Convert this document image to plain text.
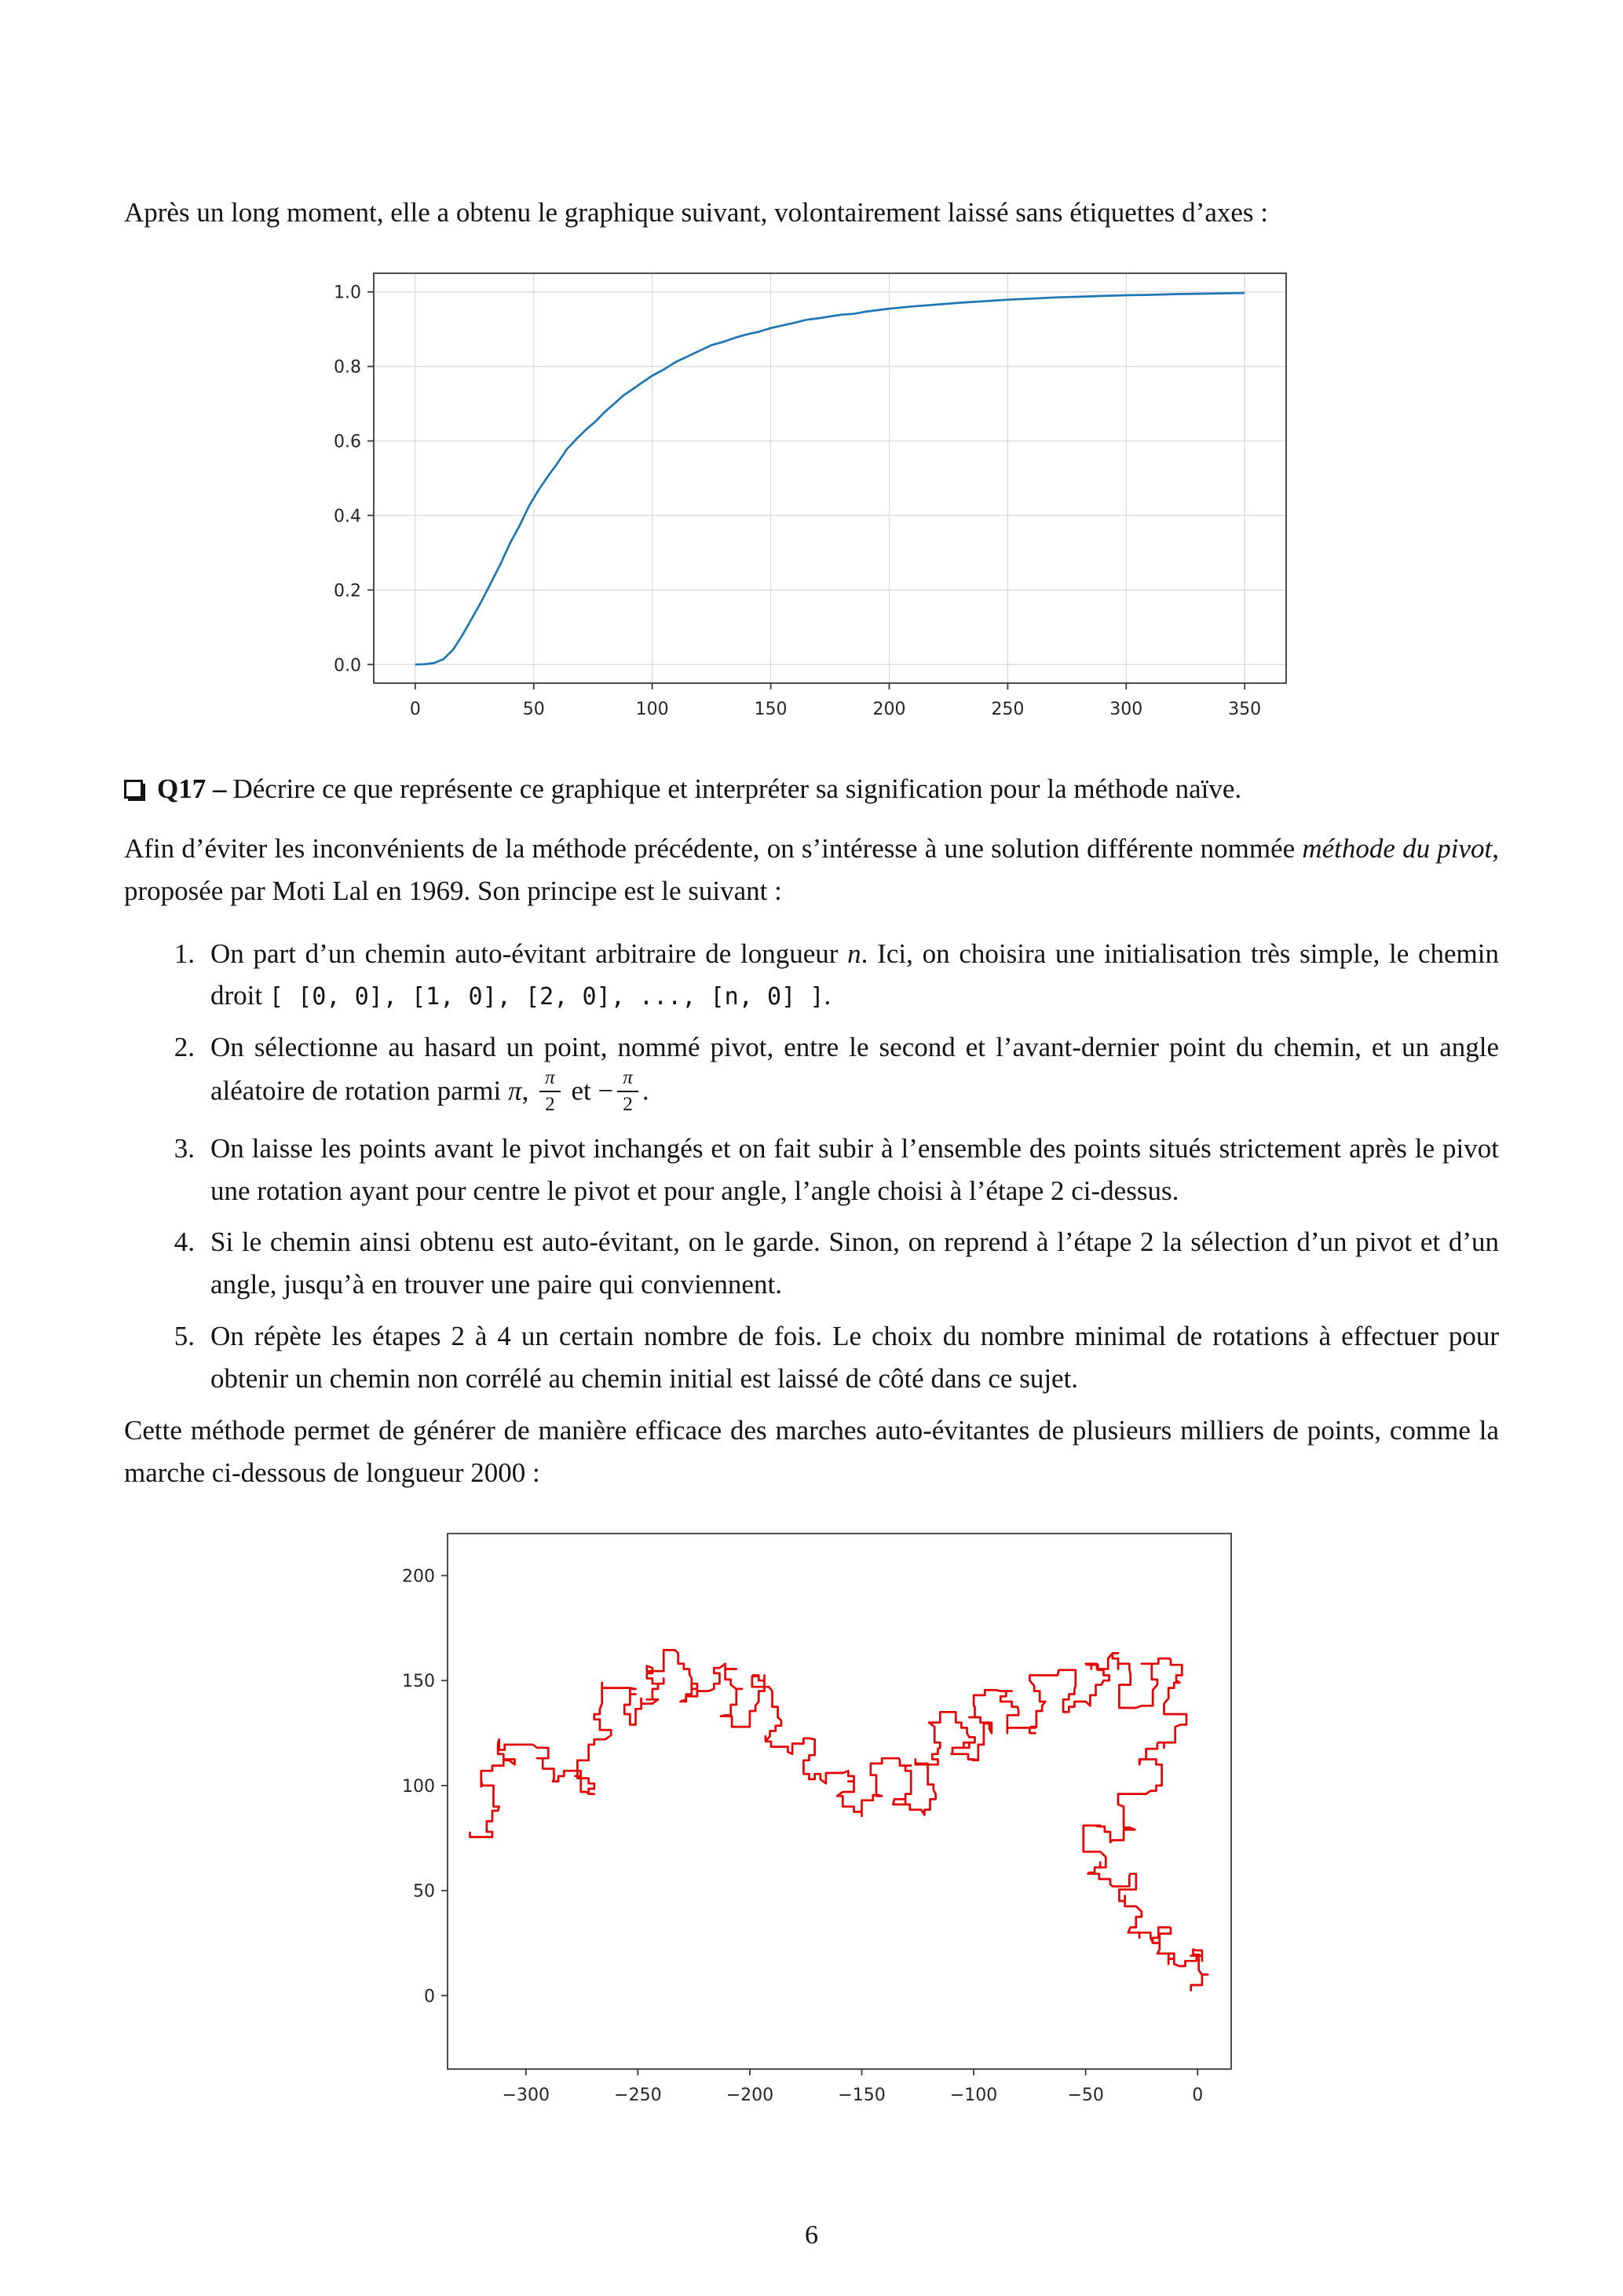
Après un long moment, elle a obtenu le graphique suivant, volontairement laissé sans étiquettes d’axes :

0	50	100	150	200	250	300	350
0.0
0.2
0.4
0.6
0.8
1.0

Q17 – Décrire ce que représente ce graphique et interpréter sa signification pour la méthode naïve.

Afin d’éviter les inconvénients de la méthode précédente, on s’intéresse à une solution différente nommée méthode du pivot, proposée par Moti Lal en 1969. Son principe est le suivant :

1. On part d’un chemin auto-évitant arbitraire de longueur n. Ici, on choisira une initialisation très simple, le chemin droit [ [0, 0], [1, 0], [2, 0], ..., [n, 0] ].
2. On sélectionne au hasard un point, nommé pivot, entre le second et l’avant-dernier point du chemin, et un angle aléatoire de rotation parmi π, $\frac{\pi}{2}$ et − $\frac{\pi}{2}$ .
3. On laisse les points avant le pivot inchangés et on fait subir à l’ensemble des points situés strictement après le pivot une rotation ayant pour centre le pivot et pour angle, l’angle choisi à l’étape 2 ci-dessus.
4. Si le chemin ainsi obtenu est auto-évitant, on le garde. Sinon, on reprend à l’étape 2 la sélection d’un pivot et d’un angle, jusqu’à en trouver une paire qui conviennent.
5. On répète les étapes 2 à 4 un certain nombre de fois. Le choix du nombre minimal de rotations à effectuer pour obtenir un chemin non corrélé au chemin initial est laissé de côté dans ce sujet.

Cette méthode permet de générer de manière efficace des marches auto-évitantes de plusieurs milliers de points, comme la marche ci-dessous de longueur 2000 :

−300	−250	−200	−150	−100	−50	0
0
50
100
150
200
6
